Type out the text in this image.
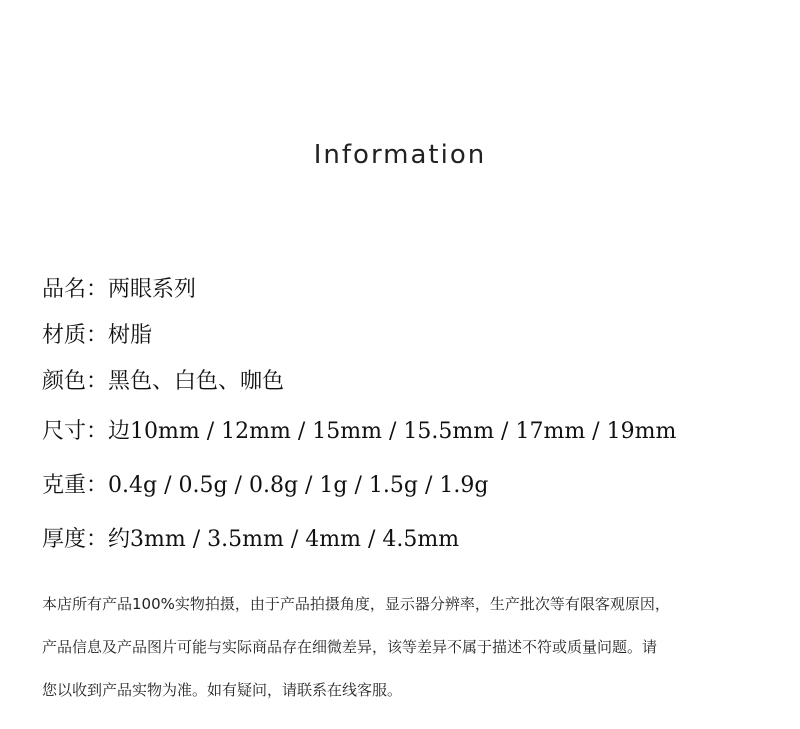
Information
品名：两眼系列
材质：树脂
颜色：黑色、白色、咖色
尺寸：边10mm / 12mm / 15mm / 15.5mm / 17mm / 19mm
克重：0.4g / 0.5g / 0.8g / 1g / 1.5g / 1.9g
厚度：约3mm / 3.5mm / 4mm / 4.5mm
本店所有产品100%实物拍摄，由于产品拍摄角度，显示器分辨率，生产批次等有限客观原因，
产品信息及产品图片可能与实际商品存在细微差异，该等差异不属于描述不符或质量问题。请
您以收到产品实物为准。如有疑问，请联系在线客服。
